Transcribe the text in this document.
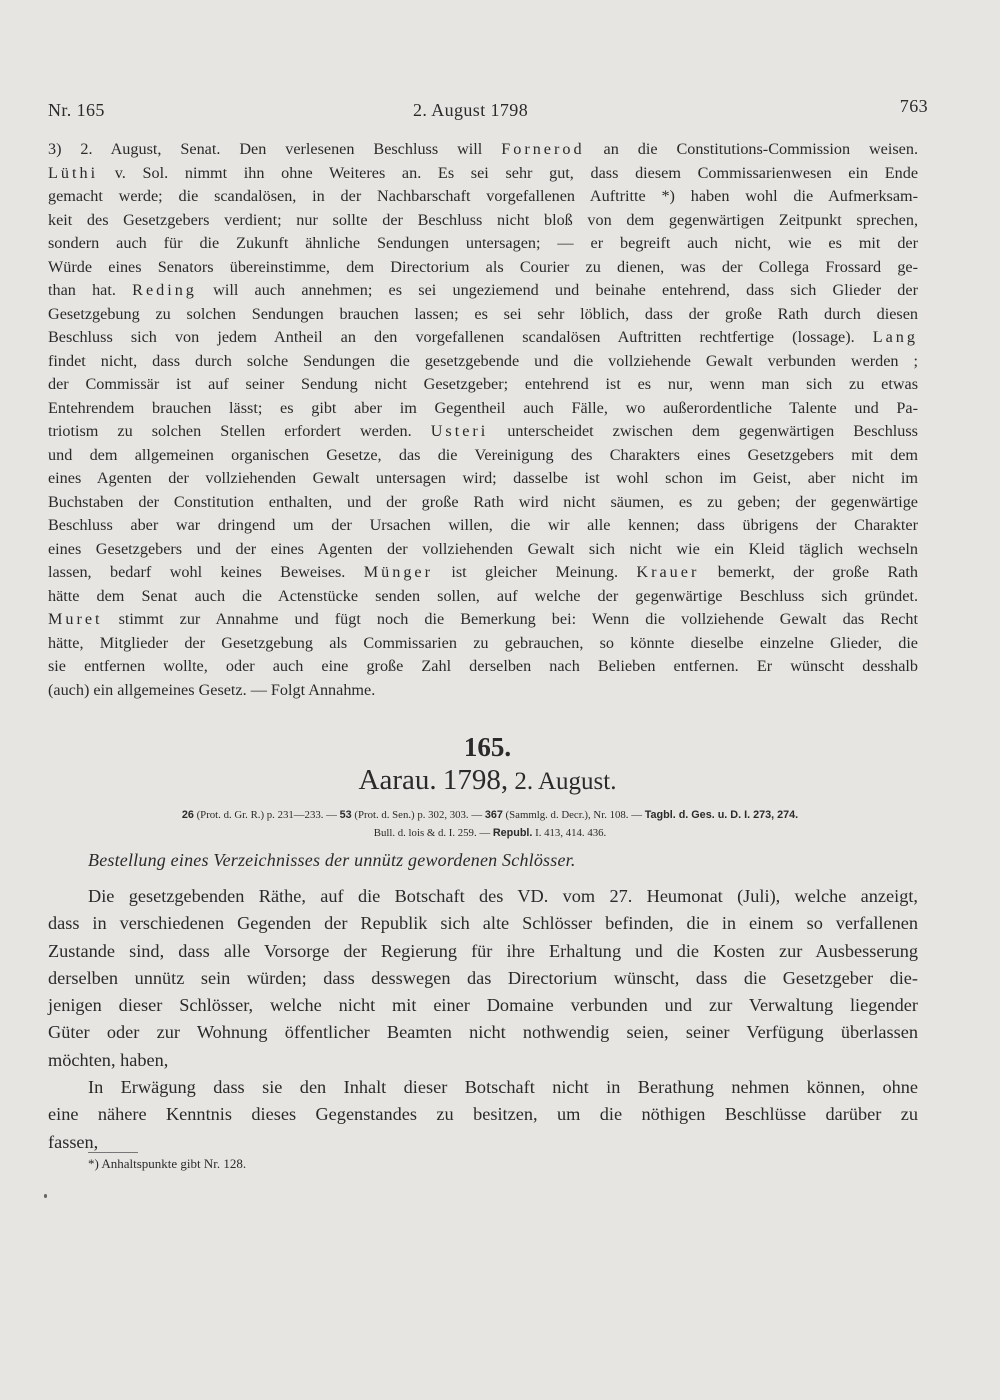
Nr. 165	2. August 1798	763
3) 2. August, Senat. Den verlesenen Beschluss will Fornerod an die Constitutions-Commission weisen.
Lüthi v. Sol. nimmt ihn ohne Weiteres an. Es sei sehr gut, dass diesem Commissarienwesen ein Ende
gemacht werde; die scandalösen, in der Nachbarschaft vorgefallenen Auftritte *) haben wohl die Aufmerksam-
keit des Gesetzgebers verdient; nur sollte der Beschluss nicht bloß von dem gegenwärtigen Zeitpunkt sprechen,
sondern auch für die Zukunft ähnliche Sendungen untersagen; — er begreift auch nicht, wie es mit der
Würde eines Senators übereinstimme, dem Directorium als Courier zu dienen, was der Collega Frossard ge-
than hat. Reding will auch annehmen; es sei ungeziemend und beinahe entehrend, dass sich Glieder der
Gesetzgebung zu solchen Sendungen brauchen lassen; es sei sehr löblich, dass der große Rath durch diesen
Beschluss sich von jedem Antheil an den vorgefallenen scandalösen Auftritten rechtfertige (lossage). Lang
findet nicht, dass durch solche Sendungen die gesetzgebende und die vollziehende Gewalt verbunden werden ;
der Commissär ist auf seiner Sendung nicht Gesetzgeber; entehrend ist es nur, wenn man sich zu etwas
Entehrendem brauchen lässt; es gibt aber im Gegentheil auch Fälle, wo außerordentliche Talente und Pa-
triotism zu solchen Stellen erfordert werden. Usteri unterscheidet zwischen dem gegenwärtigen Beschluss
und dem allgemeinen organischen Gesetze, das die Vereinigung des Charakters eines Gesetzgebers mit dem
eines Agenten der vollziehenden Gewalt untersagen wird; dasselbe ist wohl schon im Geist, aber nicht im
Buchstaben der Constitution enthalten, und der große Rath wird nicht säumen, es zu geben; der gegenwärtige
Beschluss aber war dringend um der Ursachen willen, die wir alle kennen; dass übrigens der Charakter
eines Gesetzgebers und der eines Agenten der vollziehenden Gewalt sich nicht wie ein Kleid täglich wechseln
lassen, bedarf wohl keines Beweises. Münger ist gleicher Meinung. Krauer bemerkt, der große Rath
hätte dem Senat auch die Actenstücke senden sollen, auf welche der gegenwärtige Beschluss sich gründet.
Muret stimmt zur Annahme und fügt noch die Bemerkung bei: Wenn die vollziehende Gewalt das Recht
hätte, Mitglieder der Gesetzgebung als Commissarien zu gebrauchen, so könnte dieselbe einzelne Glieder, die
sie entfernen wollte, oder auch eine große Zahl derselben nach Belieben entfernen. Er wünscht desshalb
(auch) ein allgemeines Gesetz. — Folgt Annahme.
165.
Aarau. 1798, 2. August.
26 (Prot. d. Gr. R.) p. 231—233. — 53 (Prot. d. Sen.) p. 302, 303. — 367 (Sammlg. d. Decr.), Nr. 108. — Tagbl. d. Ges. u. D. I. 273, 274.
Bull. d. lois & d. I. 259. — Republ. I. 413, 414. 436.
Bestellung eines Verzeichnisses der unnütz gewordenen Schlösser.
Die gesetzgebenden Räthe, auf die Botschaft des VD. vom 27. Heumonat (Juli), welche anzeigt,
dass in verschiedenen Gegenden der Republik sich alte Schlösser befinden, die in einem so verfallenen
Zustande sind, dass alle Vorsorge der Regierung für ihre Erhaltung und die Kosten zur Ausbesserung
derselben unnütz sein würden; dass desswegen das Directorium wünscht, dass die Gesetzgeber die-
jenigen dieser Schlösser, welche nicht mit einer Domaine verbunden und zur Verwaltung liegender
Güter oder zur Wohnung öffentlicher Beamten nicht nothwendig seien, seiner Verfügung überlassen
möchten, haben,
In Erwägung dass sie den Inhalt dieser Botschaft nicht in Berathung nehmen können, ohne
eine nähere Kenntnis dieses Gegenstandes zu besitzen, um die nöthigen Beschlüsse darüber zu
fassen,
*) Anhaltspunkte gibt Nr. 128.
